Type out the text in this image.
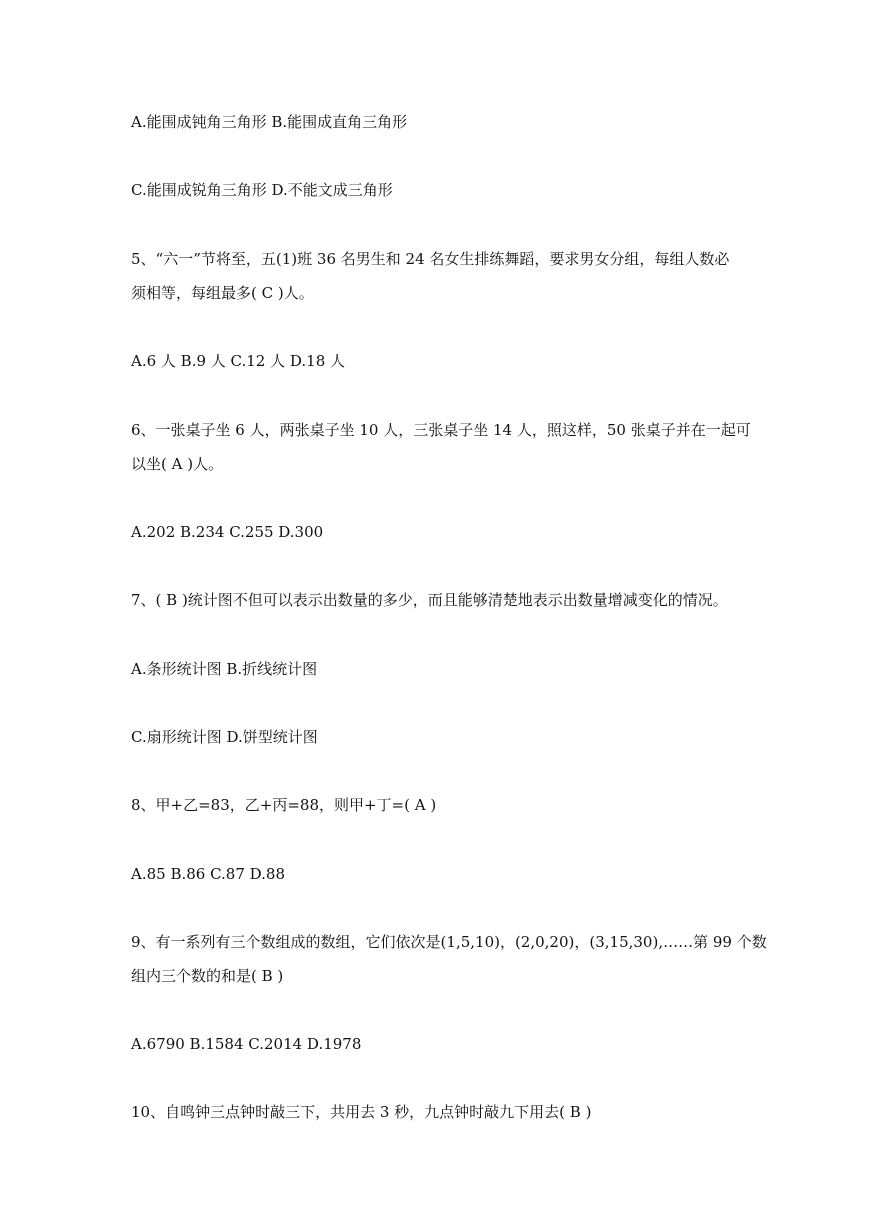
A.能围成钝角三角形 B.能围成直角三角形
C.能围成锐角三角形 D.不能文成三角形
5、“六一”节将至，五(1)班 36 名男生和 24 名女生排练舞蹈，要求男女分组，每组人数必
须相等，每组最多( C )人。
A.6 人 B.9 人 C.12 人 D.18 人
6、一张桌子坐 6 人，两张桌子坐 10 人，三张桌子坐 14 人，照这样，50 张桌子并在一起可
以坐( A )人。
A.202 B.234 C.255 D.300
7、( B )统计图不但可以表示出数量的多少，而且能够清楚地表示出数量增减变化的情况。
A.条形统计图 B.折线统计图
C.扇形统计图 D.饼型统计图
8、甲+乙=83，乙+丙=88，则甲+丁=( A )
A.85 B.86 C.87 D.88
9、有一系列有三个数组成的数组，它们依次是(1,5,10)，(2,0,20)，(3,15,30),……第 99 个数
组内三个数的和是( B )
A.6790 B.1584 C.2014 D.1978
10、自鸣钟三点钟时敲三下，共用去 3 秒，九点钟时敲九下用去( B )
